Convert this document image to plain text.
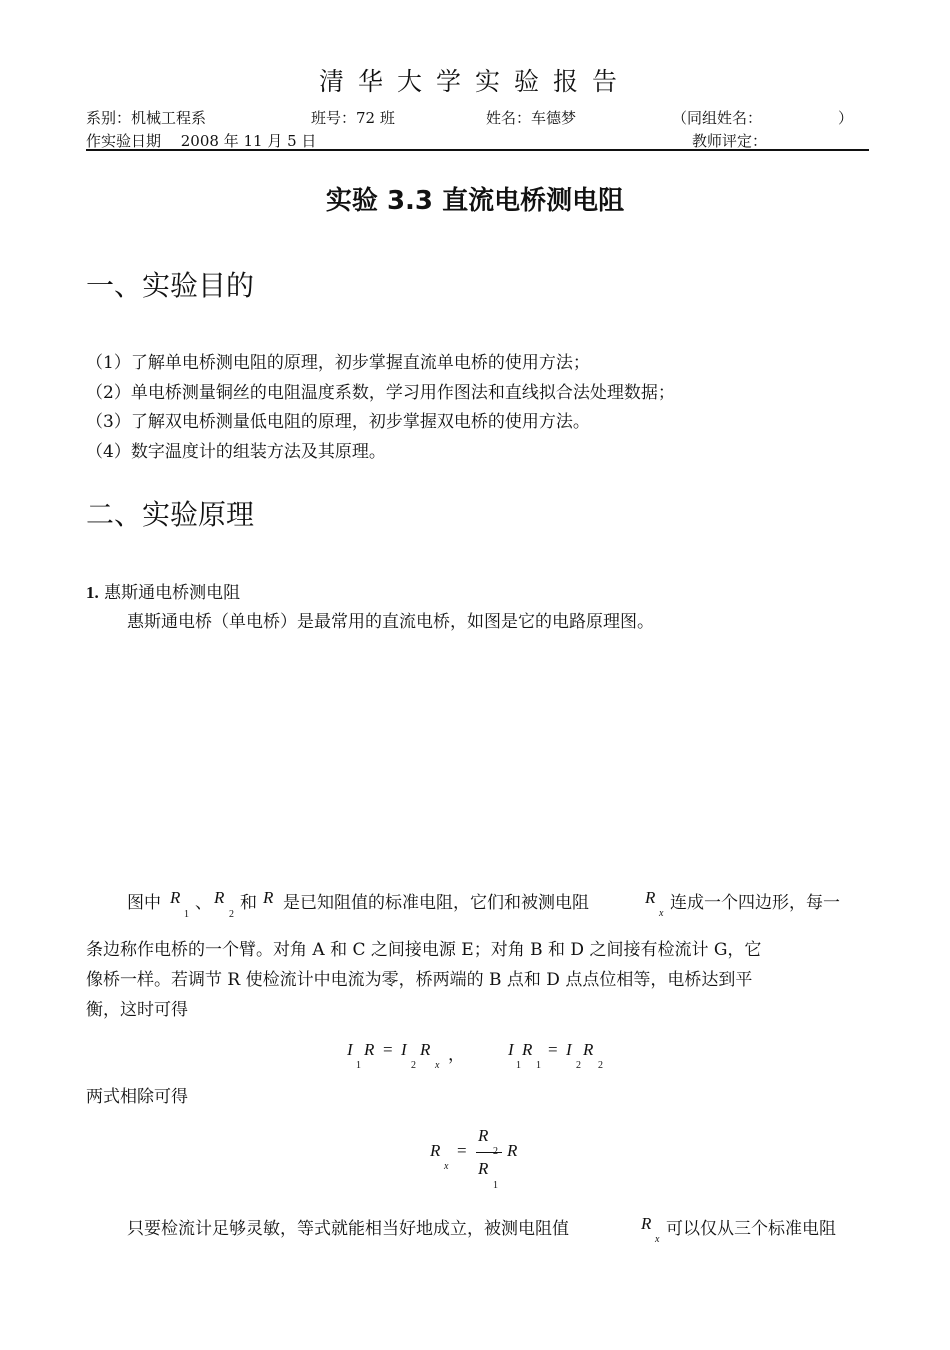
清华大学实验报告
系别：机械工程系	班号：72 班	姓名：车德梦	（同组姓名：	）
作实验日期　 2008 年 11 月 5 日	教师评定：
实验 3.3 直流电桥测电阻
一、实验目的
（1）了解单电桥测电阻的原理，初步掌握直流单电桥的使用方法；
（2）单电桥测量铜丝的电阻温度系数，学习用作图法和直线拟合法处理数据；
（3）了解双电桥测量低电阻的原理，初步掌握双电桥的使用方法。
（4）数字温度计的组装方法及其原理。
二、实验原理
1. 惠斯通电桥测电阻
惠斯通电桥（单电桥）是最常用的直流电桥，如图是它的电路原理图。
图中 R
1
、 R
2
和 R 是已知阻值的标准电阻，它们和被测电阻	R
x
连成一个四边形，每一
条边称作电桥的一个臂。对角 A 和 C 之间接电源 E；对角 B 和 D 之间接有检流计 G，它
像桥一样。若调节 R 使检流计中电流为零，桥两端的 B 点和 D 点点位相等，电桥达到平
衡，这时可得
I
1
R = I
2
R
x
，	I
1
R
1
= I
2
R
2
两式相除可得
R
x
=
R
2
R
1
R
只要检流计足够灵敏，等式就能相当好地成立，被测电阻值	R
x
可以仅从三个标准电阻
